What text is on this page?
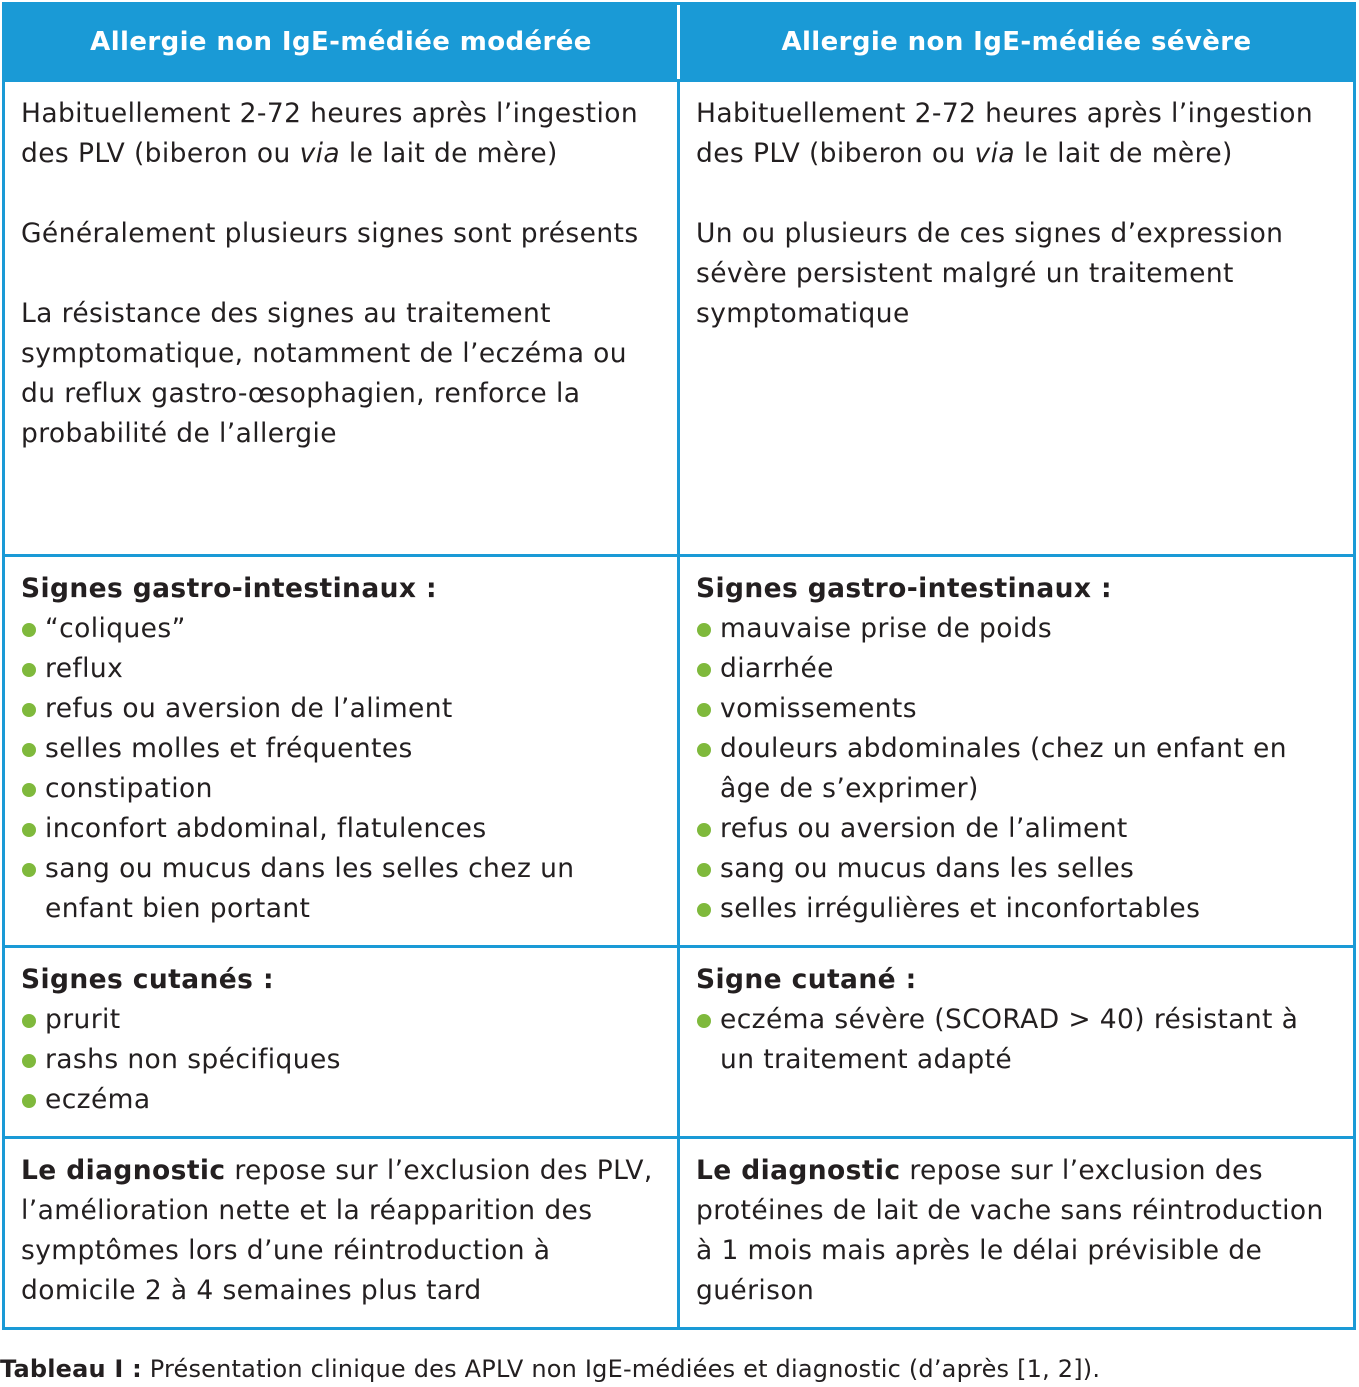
Allergie non IgE-médiée modérée	Allergie non IgE-médiée sévère

Habituellement 2-72 heures après l’ingestion des PLV (biberon ou via le lait de mère)

Généralement plusieurs signes sont présents

La résistance des signes au traitement symptomatique, notamment de l’eczéma ou du reflux gastro-œsophagien, renforce la probabilité de l’allergie

Habituellement 2-72 heures après l’ingestion des PLV (biberon ou via le lait de mère)

Un ou plusieurs de ces signes d’expression sévère persistent malgré un traitement symptomatique

Signes gastro-intestinaux :

“coliques”
reflux
refus ou aversion de l’aliment
selles molles et fréquentes
constipation
inconfort abdominal, flatulences
sang ou mucus dans les selles chez un enfant bien portant

Signes gastro-intestinaux :

mauvaise prise de poids
diarrhée
vomissements
douleurs abdominales (chez un enfant en âge de s’exprimer)
refus ou aversion de l’aliment
sang ou mucus dans les selles
selles irrégulières et inconfortables

Signes cutanés :

prurit
rashs non spécifiques
eczéma

Signe cutané :

eczéma sévère (SCORAD > 40) résistant à un traitement adapté

Le diagnostic repose sur l’exclusion des PLV, l’amélioration nette et la réapparition des symptômes lors d’une réintroduction à domicile 2 à 4 semaines plus tard

Le diagnostic repose sur l’exclusion des protéines de lait de vache sans réintroduction à 1 mois mais après le délai prévisible de guérison

Tableau I : Présentation clinique des APLV non IgE-médiées et diagnostic (d’après [1, 2]).
